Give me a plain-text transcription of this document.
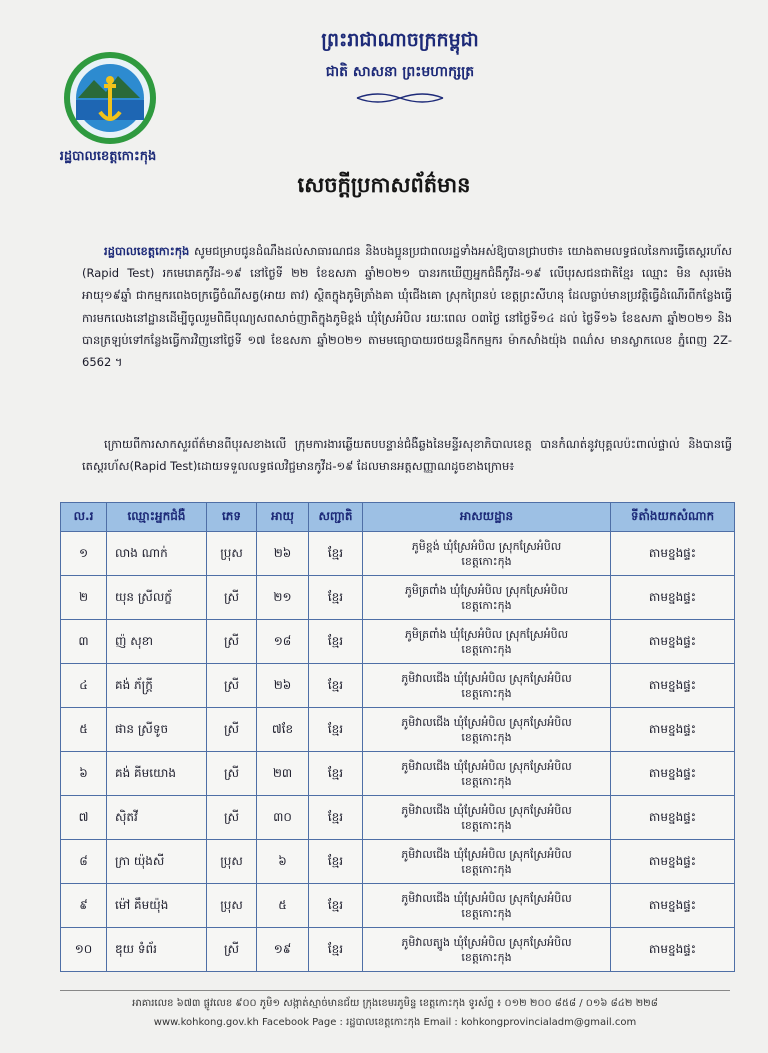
ព្រះរាជាណាចក្រកម្ពុជា
ជាតិ សាសនា ព្រះមហាក្សត្រ
រដ្ឋបាលខេត្តកោះកុង
សេចក្ដីប្រកាសព័ត៌មាន
រដ្ឋបាលខេត្តកោះកុង សូមជម្រាបជូនដំណឹងដល់សាធារណជន និងបងប្អូនប្រជាពលរដ្ឋទាំងអស់ឱ្យបានជ្រាបថា៖ យោងតាមលទ្ធផលនៃការធ្វើតេស្តរហ័ស (Rapid Test) រកមេរោគកូវីដ-១៩ នៅថ្ងៃទី ២២ ខែឧសភា ឆ្នាំ២០២១ បានរកឃើញអ្នកជំងឺកូវីដ-១៩ លើបុរសជនជាតិខ្មែរ ឈ្មោះ មិន សុរម៉េង អាយុ១៩ឆ្នាំ ជាកម្មករពេងចក្រធ្វើចំណីសត្វ(អាយ តាវ) ស្ថិតក្នុងភូមិត្រាំងគា ឃុំជើងគោ ស្រុកព្រៃនប់ ខេត្តព្រះសីហនុ ដែលធ្លាប់មានប្រវត្តិធ្វើដំណើរពីកន្លែងធ្វើការមកលេងនៅដ្ឋានដើម្បីចូលរួមពិធីបុណ្យសពសាច់ញាតិក្នុងភូមិខ្ពង់ ឃុំស្រែអំបិល រយៈពេល ០៣ថ្ងៃ នៅថ្ងៃទី១៤ ដល់ ថ្ងៃទី១៦ ខែឧសភា ឆ្នាំ២០២១ និងបានត្រឡប់ទៅកន្លែងធ្វើការវិញនៅថ្ងៃទី ១៧ ខែឧសភា ឆ្នាំ២០២១ តាមមធ្យោបាយរថយន្តដឹកកម្មករ ម៉ាកសាំងយ៉ុង ពណ៌ស មានស្លាកលេខ ភ្នំពេញ 2Z-6562 ។
ក្រោយពីការសាកសួរព័ត៌មានពីបុរសខាងលើ ក្រុមការងារឆ្លើយតបបន្ទាន់ជំងឺឆ្លងនៃមន្ទីរសុខាភិបាលខេត្ត បានកំណត់នូវបុគ្គលប៉ះពាល់ផ្ទាល់ និងបានធ្វើតេស្តរហ័ស(Rapid Test)ដោយទទួលលទ្ធផលវិជ្ជមានកូវីដ-១៩ ដែលមានអត្តសញ្ញាណដូចខាងក្រោម៖
ល.រ	ឈ្មោះអ្នកជំងឺ	ភេទ	អាយុ	សញ្ជាតិ	អាសយដ្ឋាន	ទីតាំងយកសំណាក
១	លាង ណាក់	ប្រុស	២៦	ខ្មែរ	ភូមិខ្ពង់ ឃុំស្រែអំបិល ស្រុកស្រែអំបិល
ខេត្តកោះកុង	តាមខ្នងផ្ទះ
២	យុន ស្រីលក្ខ័	ស្រី	២១	ខ្មែរ	ភូមិត្រពាំង ឃុំស្រែអំបិល ស្រុកស្រែអំបិល
ខេត្តកោះកុង	តាមខ្នងផ្ទះ
៣	ញ៉ សុខា	ស្រី	១៨	ខ្មែរ	ភូមិត្រពាំង ឃុំស្រែអំបិល ស្រុកស្រែអំបិល
ខេត្តកោះកុង	តាមខ្នងផ្ទះ
៤	គង់ ភ័ក្រ្តី	ស្រី	២៦	ខ្មែរ	ភូមិវាលជើង ឃុំស្រែអំបិល ស្រុកស្រែអំបិល
ខេត្តកោះកុង	តាមខ្នងផ្ទះ
៥	ផាន ស្រីទូច	ស្រី	៧ខែ	ខ្មែរ	ភូមិវាលជើង ឃុំស្រែអំបិល ស្រុកស្រែអំបិល
ខេត្តកោះកុង	តាមខ្នងផ្ទះ
៦	គង់ គីមយោង	ស្រី	២៣	ខ្មែរ	ភូមិវាលជើង ឃុំស្រែអំបិល ស្រុកស្រែអំបិល
ខេត្តកោះកុង	តាមខ្នងផ្ទះ
៧	ស៊ិតវី	ស្រី	៣០	ខ្មែរ	ភូមិវាលជើង ឃុំស្រែអំបិល ស្រុកស្រែអំបិល
ខេត្តកោះកុង	តាមខ្នងផ្ទះ
៨	ក្រា យ៉ុងសី	ប្រុស	៦	ខ្មែរ	ភូមិវាលជើង ឃុំស្រែអំបិល ស្រុកស្រែអំបិល
ខេត្តកោះកុង	តាមខ្នងផ្ទះ
៩	ម៉ៅ គឹមយ៉ុង	ប្រុស	៥	ខ្មែរ	ភូមិវាលជើង ឃុំស្រែអំបិល ស្រុកស្រែអំបិល
ខេត្តកោះកុង	តាមខ្នងផ្ទះ
១០	ឌុយ ទំព័រ	ស្រី	១៩	ខ្មែរ	ភូមិវាលត្បូង ឃុំស្រែអំបិល ស្រុកស្រែអំបិល
ខេត្តកោះកុង	តាមខ្នងផ្ទះ
អាគារលេខ ៦៧៣ ផ្លូវលេខ ៩០០ ភូមិ១ សង្កាត់ស្មាច់មានជ័យ ក្រុងខេមរភូមិន្ទ ខេត្តកោះកុង ទូរស័ព្ទ ៖ ០១២ ២០០ ៨៥៨ / ០១៦ ៨៤២ ២២៨
www.kohkong.gov.kh Facebook Page : រដ្ឋបាលខេត្តកោះកុង Email : kohkongprovincialadm@gmail.com
